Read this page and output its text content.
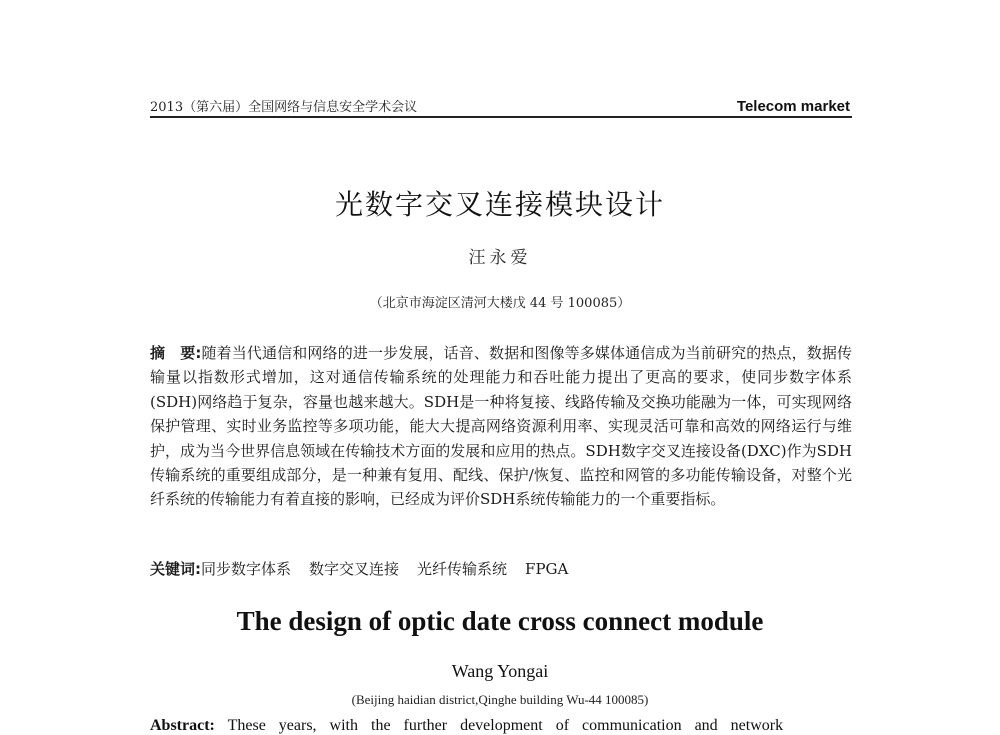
2013（第六届）全国网络与信息安全学术会议	Telecom market
光数字交叉连接模块设计
汪永爱
（北京市海淀区清河大楼戊 44 号 100085）
摘　要:随着当代通信和网络的进一步发展，话音、数据和图像等多媒体通信成为当前研究的热点，数据传输量以指数形式增加，这对通信传输系统的处理能力和吞吐能力提出了更高的要求，使同步数字体系(SDH)网络趋于复杂，容量也越来越大。SDH是一种将复接、线路传输及交换功能融为一体，可实现网络保护管理、实时业务监控等多项功能，能大大提高网络资源利用率、实现灵活可靠和高效的网络运行与维护，成为当今世界信息领域在传输技术方面的发展和应用的热点。SDH数字交叉连接设备(DXC)作为SDH传输系统的重要组成部分，是一种兼有复用、配线、保护/恢复、监控和网管的多功能传输设备，对整个光纤系统的传输能力有着直接的影响，已经成为评价SDH系统传输能力的一个重要指标。
关键词:同步数字体系 数字交叉连接 光纤传输系统 FPGA
The design of optic date cross connect module
Wang Yongai
(Beijing haidian district,Qinghe building Wu-44 100085)
Abstract: These years, with the further development of communication and network
